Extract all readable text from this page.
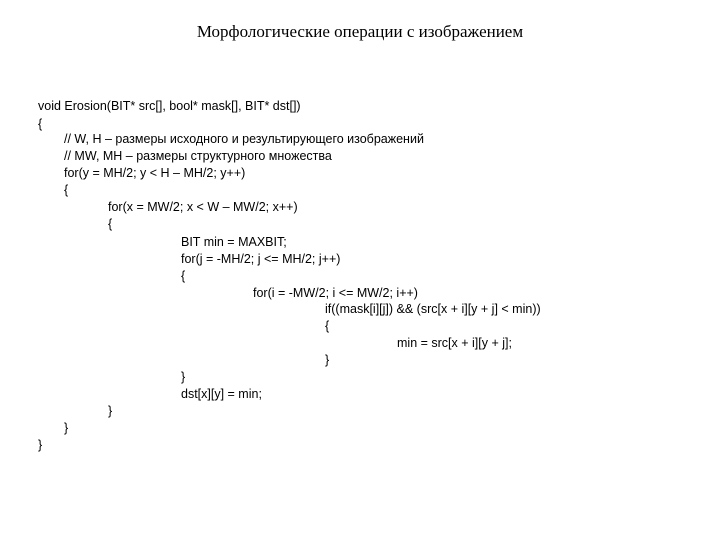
Морфологические операции с изображением
void Erosion(BIT* src[], bool* mask[], BIT* dst[])
{
// W, H – размеры исходного и результирующего изображений
// MW, MH – размеры структурного множества
for(y = MH/2; y < H – MH/2; y++)
{
for(x = MW/2; x < W – MW/2; x++)
{
BIT min = MAXBIT;
for(j = -MH/2; j <= MH/2; j++)
{
for(i = -MW/2; i <= MW/2; i++)
if((mask[i][j]) && (src[x + i][y + j] < min))
{
min = src[x + i][y + j];
}
}
dst[x][y] = min;
}
}
}
